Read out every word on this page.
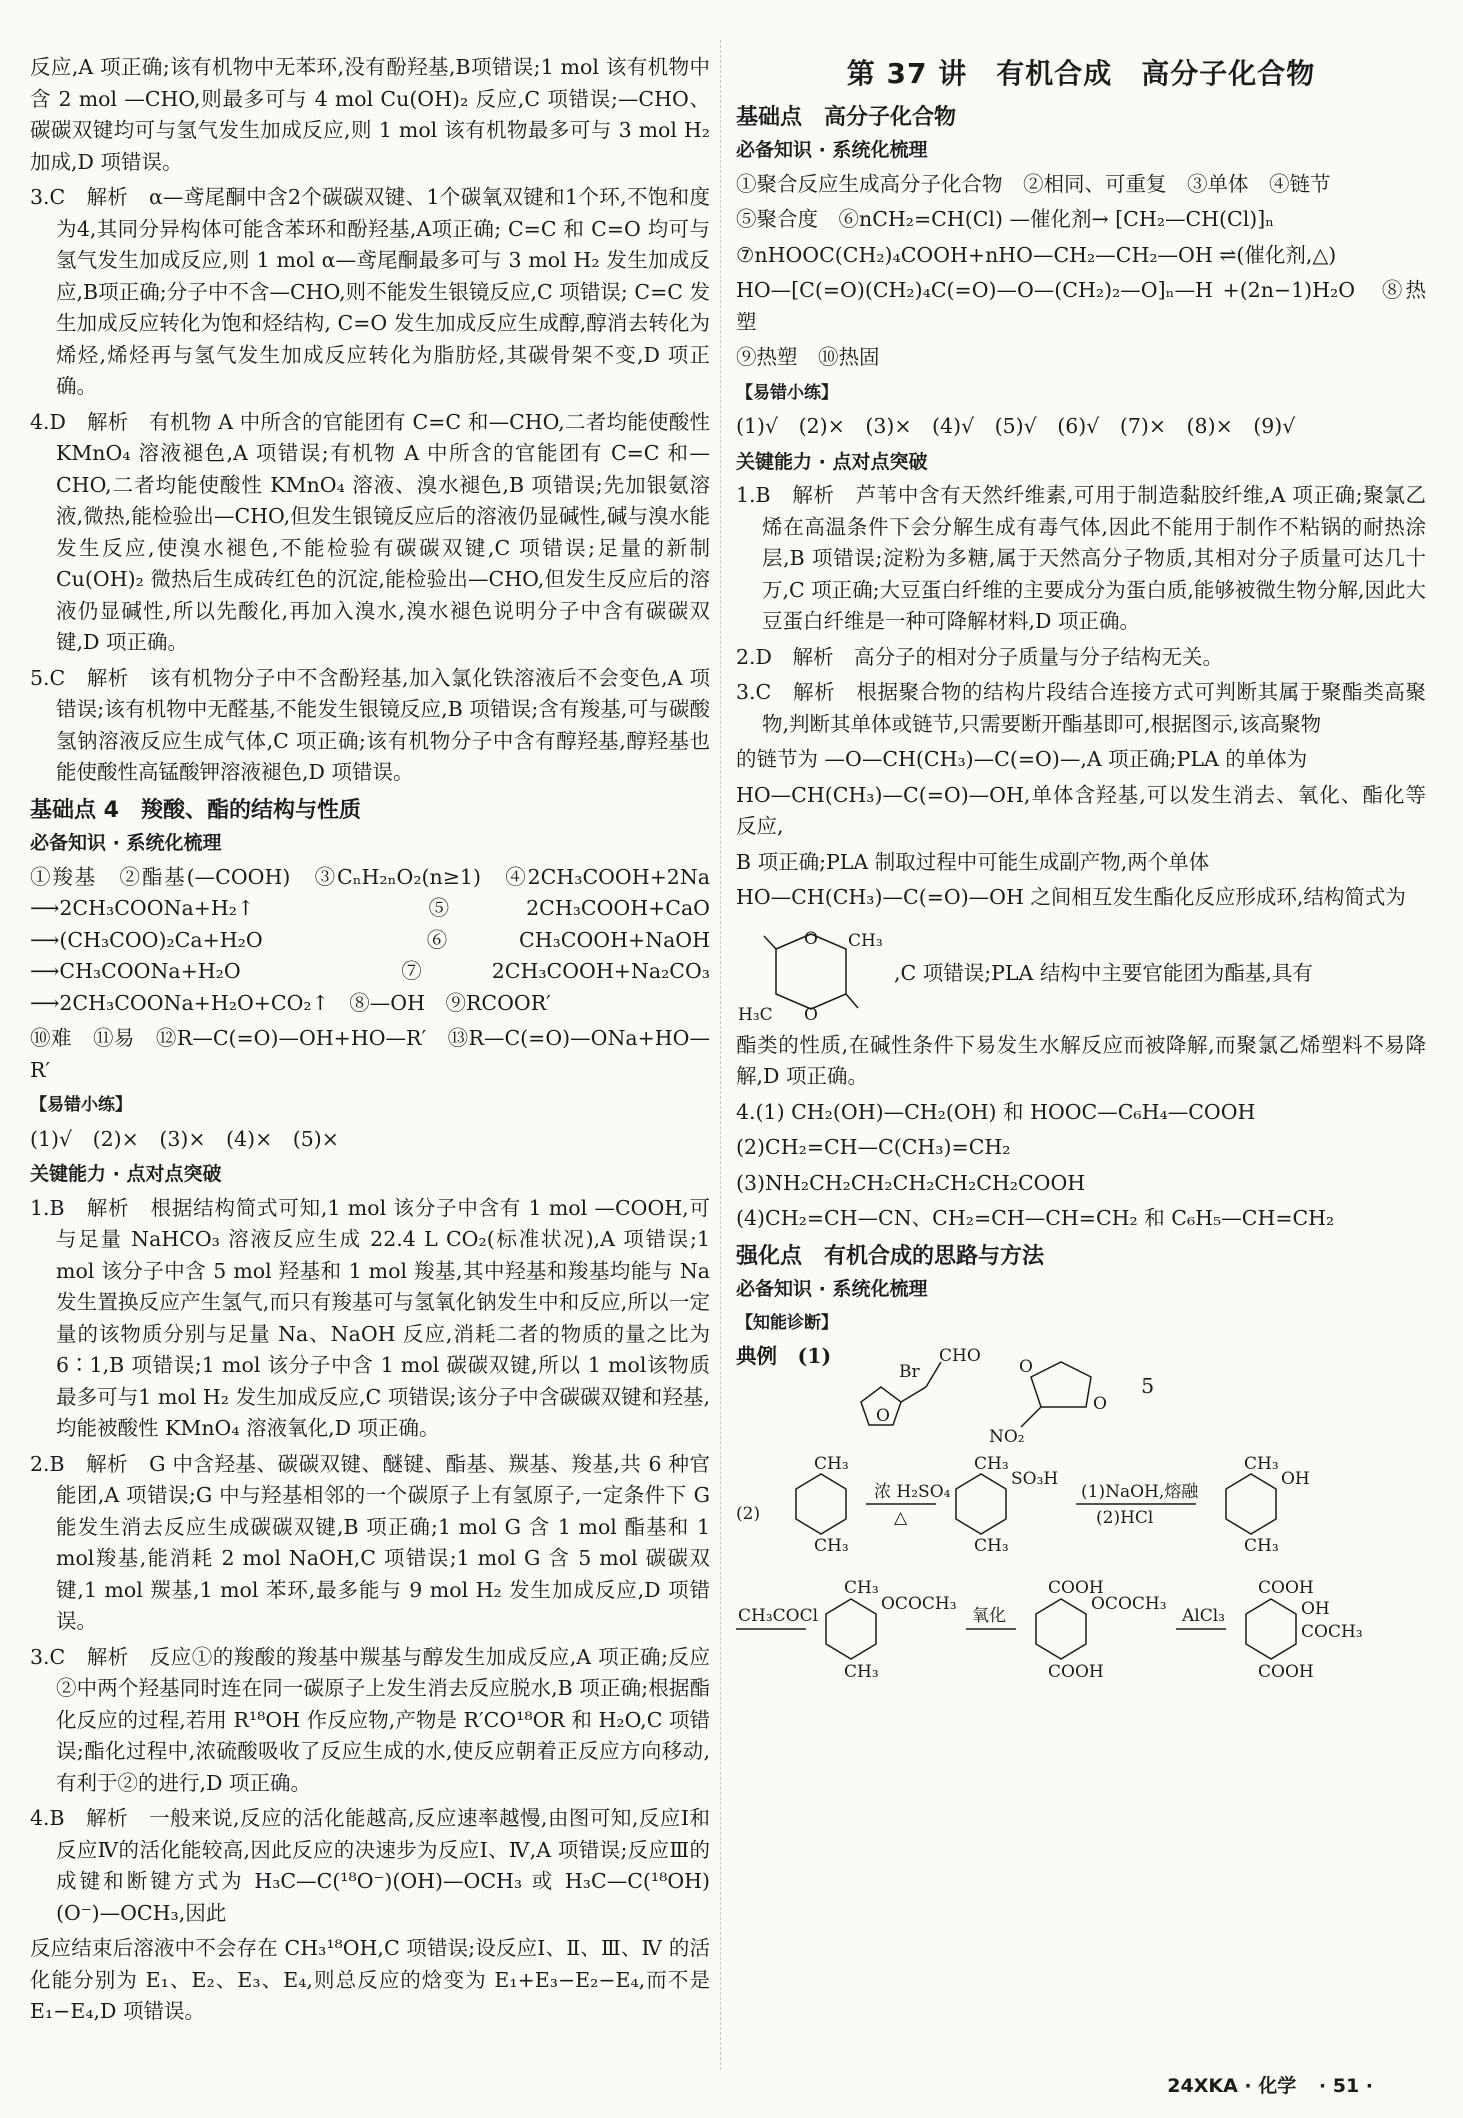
反应,A 项正确;该有机物中无苯环,没有酚羟基,B项错误;1 mol 该有机物中含 2 mol —CHO,则最多可与 4 mol Cu(OH)₂ 反应,C 项错误;—CHO、碳碳双键均可与氢气发生加成反应,则 1 mol 该有机物最多可与 3 mol H₂ 加成,D 项错误。

3.C　解析　α—鸢尾酮中含2个碳碳双键、1个碳氧双键和1个环,不饱和度为4,其同分异构体可能含苯环和酚羟基,A项正确; C=C 和 C=O 均可与氢气发生加成反应,则 1 mol α—鸢尾酮最多可与 3 mol H₂ 发生加成反应,B项正确;分子中不含—CHO,则不能发生银镜反应,C 项错误; C=C 发生加成反应转化为饱和烃结构, C=O 发生加成反应生成醇,醇消去转化为烯烃,烯烃再与氢气发生加成反应转化为脂肪烃,其碳骨架不变,D 项正确。

4.D　解析　有机物 A 中所含的官能团有 C=C 和—CHO,二者均能使酸性 KMnO₄ 溶液褪色,A 项错误;有机物 A 中所含的官能团有 C=C 和—CHO,二者均能使酸性 KMnO₄ 溶液、溴水褪色,B 项错误;先加银氨溶液,微热,能检验出—CHO,但发生银镜反应后的溶液仍显碱性,碱与溴水能发生反应,使溴水褪色,不能检验有碳碳双键,C 项错误;足量的新制 Cu(OH)₂ 微热后生成砖红色的沉淀,能检验出—CHO,但发生反应后的溶液仍显碱性,所以先酸化,再加入溴水,溴水褪色说明分子中含有碳碳双键,D 项正确。

5.C　解析　该有机物分子中不含酚羟基,加入氯化铁溶液后不会变色,A 项错误;该有机物中无醛基,不能发生银镜反应,B 项错误;含有羧基,可与碳酸氢钠溶液反应生成气体,C 项正确;该有机物分子中含有醇羟基,醇羟基也能使酸性高锰酸钾溶液褪色,D 项错误。

基础点 4　羧酸、酯的结构与性质
必备知识 · 系统化梳理

①羧基　②酯基(—COOH)　③CₙH₂ₙO₂(n≥1)　④2CH₃COOH+2Na ⟶2CH₃COONa+H₂↑　⑤2CH₃COOH+CaO ⟶(CH₃COO)₂Ca+H₂O　⑥CH₃COOH+NaOH ⟶CH₃COONa+H₂O　⑦2CH₃COOH+Na₂CO₃ ⟶2CH₃COONa+H₂O+CO₂↑　⑧—OH　⑨RCOOR′

⑩难　⑪易　⑫R—C(=O)—OH+HO—R′　⑬R—C(=O)—ONa+HO—R′

【易错小练】

(1)√　(2)×　(3)×　(4)×　(5)×

关键能力 · 点对点突破

1.B　解析　根据结构简式可知,1 mol 该分子中含有 1 mol —COOH,可与足量 NaHCO₃ 溶液反应生成 22.4 L CO₂(标准状况),A 项错误;1 mol 该分子中含 5 mol 羟基和 1 mol 羧基,其中羟基和羧基均能与 Na 发生置换反应产生氢气,而只有羧基可与氢氧化钠发生中和反应,所以一定量的该物质分别与足量 Na、NaOH 反应,消耗二者的物质的量之比为 6∶1,B 项错误;1 mol 该分子中含 1 mol 碳碳双键,所以 1 mol该物质最多可与1 mol H₂ 发生加成反应,C 项错误;该分子中含碳碳双键和羟基,均能被酸性 KMnO₄ 溶液氧化,D 项正确。

2.B　解析　G 中含羟基、碳碳双键、醚键、酯基、羰基、羧基,共 6 种官能团,A 项错误;G 中与羟基相邻的一个碳原子上有氢原子,一定条件下 G 能发生消去反应生成碳碳双键,B 项正确;1 mol G 含 1 mol 酯基和 1 mol羧基,能消耗 2 mol NaOH,C 项错误;1 mol G 含 5 mol 碳碳双键,1 mol 羰基,1 mol 苯环,最多能与 9 mol H₂ 发生加成反应,D 项错误。

3.C　解析　反应①的羧酸的羧基中羰基与醇发生加成反应,A 项正确;反应②中两个羟基同时连在同一碳原子上发生消去反应脱水,B 项正确;根据酯化反应的过程,若用 R¹⁸OH 作反应物,产物是 R′CO¹⁸OR 和 H₂O,C 项错误;酯化过程中,浓硫酸吸收了反应生成的水,使反应朝着正反应方向移动,有利于②的进行,D 项正确。

4.B　解析　一般来说,反应的活化能越高,反应速率越慢,由图可知,反应Ⅰ和反应Ⅳ的活化能较高,因此反应的决速步为反应Ⅰ、Ⅳ,A 项错误;反应Ⅲ的成键和断键方式为 H₃C—C(¹⁸O⁻)(OH)—OCH₃ 或 H₃C—C(¹⁸OH)(O⁻)—OCH₃,因此

反应结束后溶液中不会存在 CH₃¹⁸OH,C 项错误;设反应Ⅰ、Ⅱ、Ⅲ、Ⅳ 的活化能分别为 E₁、E₂、E₃、E₄,则总反应的焓变为 E₁+E₃−E₂−E₄,而不是 E₁−E₄,D 项错误。

第 37 讲　有机合成　高分子化合物
基础点　高分子化合物
必备知识 · 系统化梳理

①聚合反应生成高分子化合物　②相同、可重复　③单体　④链节

⑤聚合度　⑥nCH₂=CH(Cl) —催化剂→ [CH₂—CH(Cl)]ₙ

⑦nHOOC(CH₂)₄COOH+nHO—CH₂—CH₂—OH ⇌(催化剂,△)

HO—[C(=O)(CH₂)₄C(=O)—O—(CH₂)₂—O]ₙ—H +(2n−1)H₂O　⑧热塑

⑨热塑　⑩热固

【易错小练】

(1)√　(2)×　(3)×　(4)√　(5)√　(6)√　(7)×　(8)×　(9)√

关键能力 · 点对点突破

1.B　解析　芦苇中含有天然纤维素,可用于制造黏胶纤维,A 项正确;聚氯乙烯在高温条件下会分解生成有毒气体,因此不能用于制作不粘锅的耐热涂层,B 项错误;淀粉为多糖,属于天然高分子物质,其相对分子质量可达几十万,C 项正确;大豆蛋白纤维的主要成分为蛋白质,能够被微生物分解,因此大豆蛋白纤维是一种可降解材料,D 项正确。

2.D　解析　高分子的相对分子质量与分子结构无关。

3.C　解析　根据聚合物的结构片段结合连接方式可判断其属于聚酯类高聚物,判断其单体或链节,只需要断开酯基即可,根据图示,该高聚物

的链节为 —O—CH(CH₃)—C(=O)—,A 项正确;PLA 的单体为

HO—CH(CH₃)—C(=O)—OH,单体含羟基,可以发生消去、氧化、酯化等反应,

B 项正确;PLA 制取过程中可能生成副产物,两个单体

HO—CH(CH₃)—C(=O)—OH 之间相互发生酯化反应形成环,结构简式为

O
O
CH₃
H₃C

,C 项错误;PLA 结构中主要官能团为酯基,具有

酯类的性质,在碱性条件下易发生水解反应而被降解,而聚氯乙烯塑料不易降解,D 项正确。

4.(1) CH₂(OH)—CH₂(OH) 和 HOOC—C₆H₄—COOH

(2)CH₂=CH—C(CH₃)=CH₂

(3)NH₂CH₂CH₂CH₂CH₂CH₂COOH

(4)CH₂=CH—CN、CH₂=CH—CH=CH₂ 和 C₆H₅—CH=CH₂

强化点　有机合成的思路与方法
必备知识 · 系统化梳理
【知能诊断】
典例　(1)
O
Br
CHO
O
O
NO₂
5
(2)
CH₃
CH₃
浓 H₂SO₄
△
SO₃H
CH₃
CH₃
(1)NaOH,熔融
(2)HCl
OH
CH₃
CH₃
CH₃COCl
OCOCH₃
CH₃
CH₃
氧化
OCOCH₃
COOH
COOH
AlCl₃	OH
COCH₃
COOH
COOH
24XKA · 化学 · 51 ·
